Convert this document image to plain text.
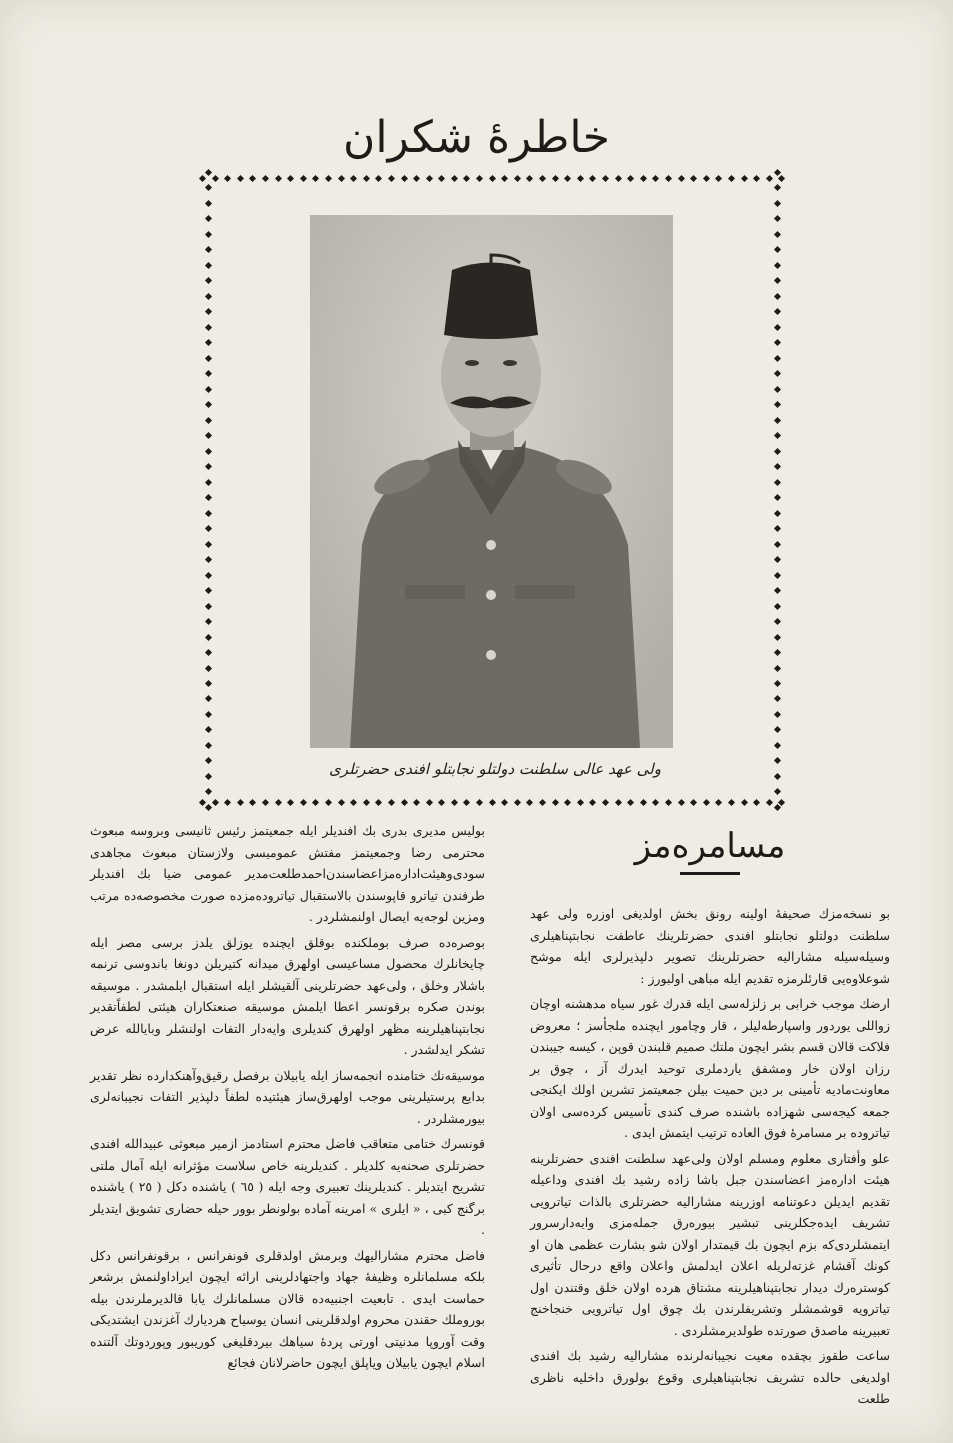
خاطرهٔ شكران
ولى عهد عالى سلطنت دولتلو نجابتلو افندى حضرتلرى
مسامره‌مز

بو نسخه‌مزك صحيفهٔ اولينه رونق بخش اولديغى اوزره ولى عهد سلطنت دولتلو نجابتلو افندى حضرتلرينك عاطفت نجابتپناهيلرى وسيله‌سيله مشاراليه حضرتلرينك تصوير دلپذيرلرى ايله موشح شوعلاوه‌يى قارئلرمزه تقديم ايله مباهى اولبورز :

ارضك موجب خرابى بر زلزله‌سى ايله قدرك غور سياه مدهشنه اوچان زواللى يوردور واسپارطه‌ليلر ، قار وچامور ايچنده ملجأسز ؛ معروض فلاكت قالان قسم بشر ايچون ملتك صميم قلبندن قوپن ، كيسه جيبندن رزان اولان خار ومشفق ياردملرى توحيد ايدرك آز ، چوق بر معاونت‌ماديه تأمينى بر دين حميت بيلن جمعيتمز تشرين اولك ايكنجى جمعه كيجه‌سى شهزاده باشنده صرف كندى تأسيس كرده‌سى اولان تياتروده بر مسامرهٔ فوق العاده ترتيب ايتمش ايدى .

علو وأفتارى معلوم ومسلم اولان ولى‌عهد سلطنت افندى حضرتلرينه هيئت اداره‌مز اعضاسندن جبل باشا زاده رشيد بك افندى وداعيله تقديم ايديلن دعوتنامه اوزرينه مشاراليه حضرتلرى بالذات تياترويى تشريف ايده‌جكلرينى تبشير بيوره‌رق جمله‌مزى وايه‌دارسرور ايتمشلردى‌كه بزم ايچون بك قيمتدار اولان شو بشارت عظمى هان او كونك آقشام غزته‌لريله اعلان ايدلمش واعلان واقع درحال تأثيرى كوستره‌رك ديدار نجابتپناهيلرينه مشتاق هرده اولان خلق وقتندن اول تياترويه قوشمشلر وتشريفلرندن بك چوق اول تياترويى خنجاخنج تعبيرينه ماصدق صورتده طولديرمشلردى .

ساعت طقوز بچقده معيت نجيبانه‌لرنده مشاراليه رشيد بك افندى اولديغى حالده تشريف نجابتپناهيلرى وقوع بولورق داخليه ناظرى طلعت

بوليس مديرى بدرى بك افنديلر ايله جمعيتمز رئيس ثانيسى وبروسه مبعوث محترمى رضا وجمعيتمز مفتش عموميسى ولازستان مبعوث مجاهدى سودى‌وهيئت‌اداره‌مز‌اعضاسندن‌احمدطلعت‌مدير عمومى ضيا بك افنديلر طرفندن تياترو قاپوسندن بالاستقبال تياتروده‌مزده صورت مخصوصه‌ده مرتب ومزين لوجه‌يه ايصال اولنمشلردر .

بوصره‌ده صرف بوملكنده بوقلق ايچنده يوزلق يلدز برسى مصر ايله چايخانلرك محصول مساعيسى اولهرق ميدانه كتيريلن دونغا باندوسى ترنمه باشلار وخلق ، ولى‌عهد حضرتلرينى آلقيشلر ايله استقبال ايلمشدر . موسيقه بوندن صكره برقونسر اعطا ايلمش موسيقه صنعتكاران هيئتى لطفاً‌تقدير نجابتپناهيلرينه مظهر اولهرق كنديلرى وايه‌دار التفات اولنشلر وبايالله عرض تشكر ايدلشدر .

موسيقه‌نك ختامنده انجمه‌ساز ايله يابيلان برفصل رقيق‌وآهنكدارده نظر تقدير بدايع پرستيلرينى موجب اولهرق‌ساز هيئتيده لطفاً دلپذير التفات نجيبانه‌لرى بيورمشلردر .

قونسرك ختامى متعاقب فاضل محترم استادمز ازمير مبعوثى عبيدالله افندى حضرتلرى صحنه‌يه كلديلر . كنديلرينه خاص سلاست مؤثرانه ايله آمال ملتى تشريح ايتديلر . كنديلرينك تعبيرى وجه ايله ( ٦٥ ) ياشنده دكل ( ٢٥ ) ياشنده برگنج كبى ، « ايلرى » امرينه آماده بولونطر بوور حيله حضارى تشويق ايتديلر .

فاضل محترم مشاراليهك وبرمش اولدقلرى قونفرانس ، برقونفرانس دكل بلكه مسلمانلره وظيفهٔ جهاد واجتهادلرينى ارائه ايچون ايراداولنمش برشعر حماست ايدى . تابعيت اجنبيه‌ده قالان مسلمانلرك يابا قالديرملرندن بيله بوروملك حقندن محروم اولدقلرينى انسان يوسياح هرديارك آغزندن ايشتديكى وقت آوروپا مدنيتى اورتى پردهٔ سياهك بيردقليغى كوريبور وپوردوتك آلتنده اسلام ايچون يابيلان وياپلق ايچون حاضرلانان فجائع
